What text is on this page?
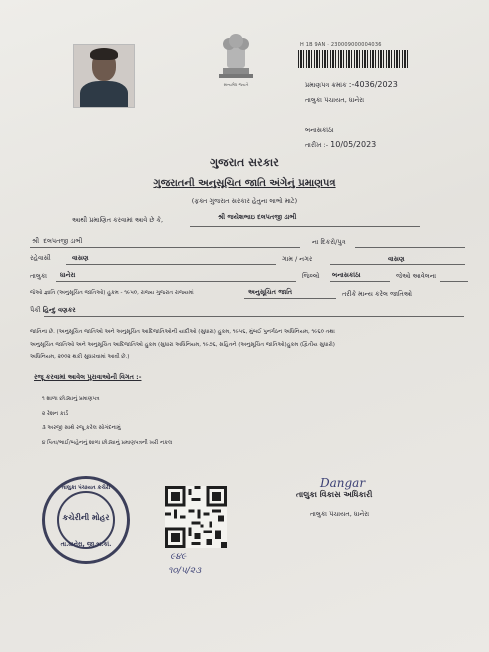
સત્યમેવ જયતે
H 1B 9AN · 230009000004036
પ્રમાણપત્ર ક્રમાંક :-4036/2023
તાલુકા પંચાયત, ધાનેરા
બનાસકાંઠા
તારીખ :- 10/05/2023
ગુજરાત સરકાર
ગુજરાતની અનુસૂચિત જાતિ અંગેનું પ્રમાણપત્ર
(ફક્ત ગુજરાત સરકાર હેતુના લાભો માટે)
આથી પ્રમાણિત કરવામાં આવે છે કે,	શ્રી જયેશભાઇ દલપતજી ડાભી
શ્રી દલપતજી ડાભી	ના દિકરો/પુત્ર
રહેવાસી	વાસણ	ગામ / નગર	વાસણ
તાલુકા ધાનેરા	જિલ્લો બનાસકાંઠા	જેઓ આવેલના
જેઓ જ્ઞાતિ (અનુસૂચિત જાતિઓ) હુકમ - ૧૯૫૦, રાજ્ય ગુજરાત રાજ્યમાં	અનુસૂચિત જાતિ	તરીકે માન્ય કરેલ જાતિઓ
પૈકી હિન્દુ વણકર
જાતિના છે. (અનુસૂચિત જાતિઓ અને અનુસૂચિત આદિજાતિઓની યાદીઓ (સુધારા) હુકમ, ૧૯૫૬, મુંબઈ પુનર્ગઠન અધિનિયમ, ૧૯૬૦ તથા
અનુસૂચિત જાતિઓ અને અનુસૂચિત આદિજાતિઓ હુકમ (સુધારા અધિનિયમ, ૧૯૭૬, સહિતને (અનુસૂચિત જાતિઓ)હુકમ (દ્વિતીય સુધારો)
અધિનિયમ, ૨૦૦૨ થકી સુધારવામાં આવી છે.)
રજૂ કરવામાં આવેલ પુરાવાઓની વિગત :-
૧ શાળા છોડ્યાનું પ્રમાણપત્ર
૨ રેશન કાર્ડ
૩ અરજી સાથે રજૂ કરેલ સોગંદનામું
૪ પિતા/ભાઈ/બહેનનું શાળા છોડ્યાનું પ્રમાણપત્રની ખરી નકલ
તાલુકા પંચાયત કચેરી
કચેરીની મોહર
તા.ધાનેરા, જી.બ.કાં.
૯૪૯
૧૦/૫/૨૩
Dangar
તાલુકા વિકાસ અધિકારી
તાલુકા પંચાયત, ધાનેરા
